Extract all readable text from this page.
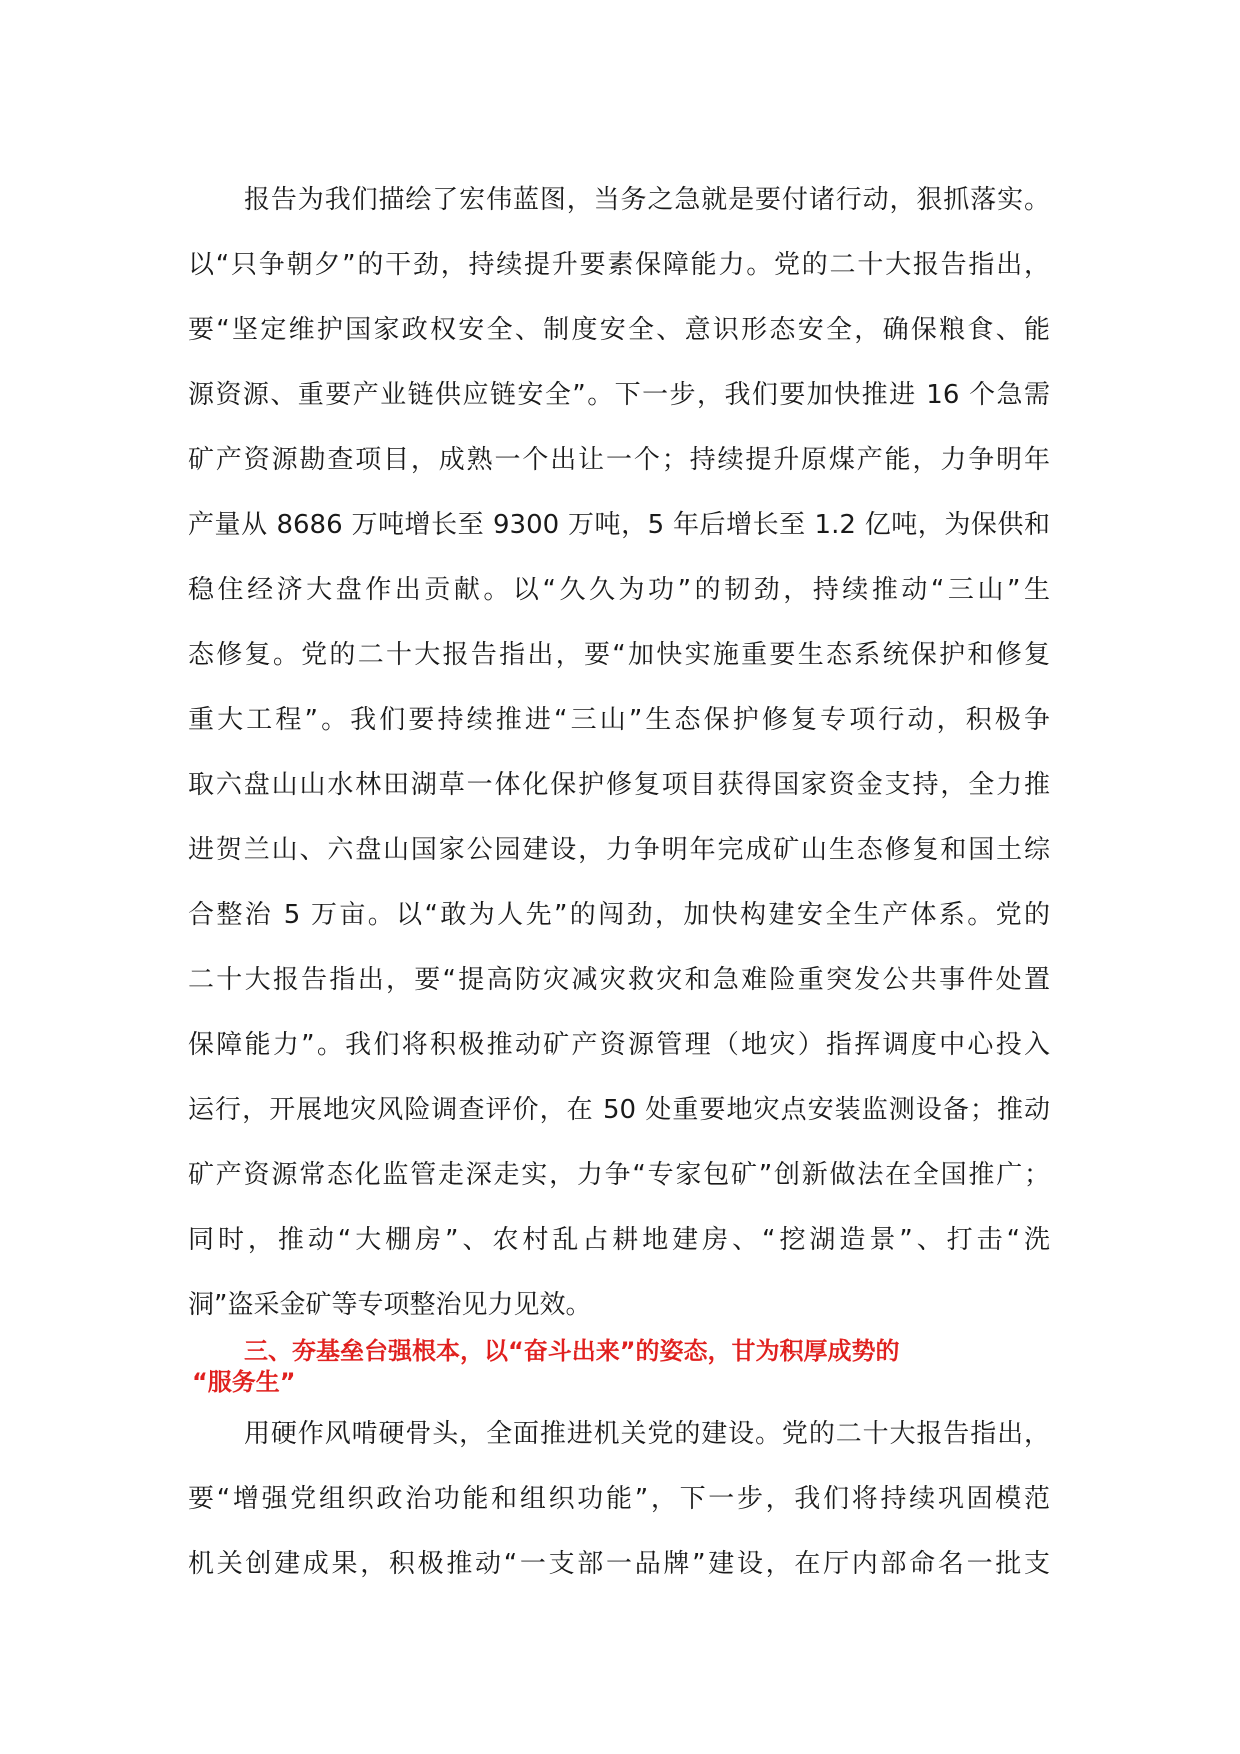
报告为我们描绘了宏伟蓝图，当务之急就是要付诸行动，狠抓落实。
以“只争朝夕”的干劲，持续提升要素保障能力。党的二十大报告指出，
要“坚定维护国家政权安全、制度安全、意识形态安全，确保粮食、能
源资源、重要产业链供应链安全”。下一步，我们要加快推进 16 个急需
矿产资源勘查项目，成熟一个出让一个；持续提升原煤产能，力争明年
产量从 8686 万吨增长至 9300 万吨，5 年后增长至 1.2 亿吨，为保供和
稳住经济大盘作出贡献。以“久久为功”的韧劲，持续推动“三山”生
态修复。党的二十大报告指出，要“加快实施重要生态系统保护和修复
重大工程”。我们要持续推进“三山”生态保护修复专项行动，积极争
取六盘山山水林田湖草一体化保护修复项目获得国家资金支持，全力推
进贺兰山、六盘山国家公园建设，力争明年完成矿山生态修复和国土综
合整治 5 万亩。以“敢为人先”的闯劲，加快构建安全生产体系。党的
二十大报告指出，要“提高防灾减灾救灾和急难险重突发公共事件处置
保障能力”。我们将积极推动矿产资源管理（地灾）指挥调度中心投入
运行，开展地灾风险调查评价，在 50 处重要地灾点安装监测设备；推动
矿产资源常态化监管走深走实，力争“专家包矿”创新做法在全国推广；
同时，推动“大棚房”、农村乱占耕地建房、“挖湖造景”、打击“洗
洞”盗采金矿等专项整治见力见效。
三、夯基垒台强根本，以“奋斗出来”的姿态，甘为积厚成势的
“服务生”
用硬作风啃硬骨头，全面推进机关党的建设。党的二十大报告指出，
要“增强党组织政治功能和组织功能”，下一步，我们将持续巩固模范
机关创建成果，积极推动“一支部一品牌”建设，在厅内部命名一批支
